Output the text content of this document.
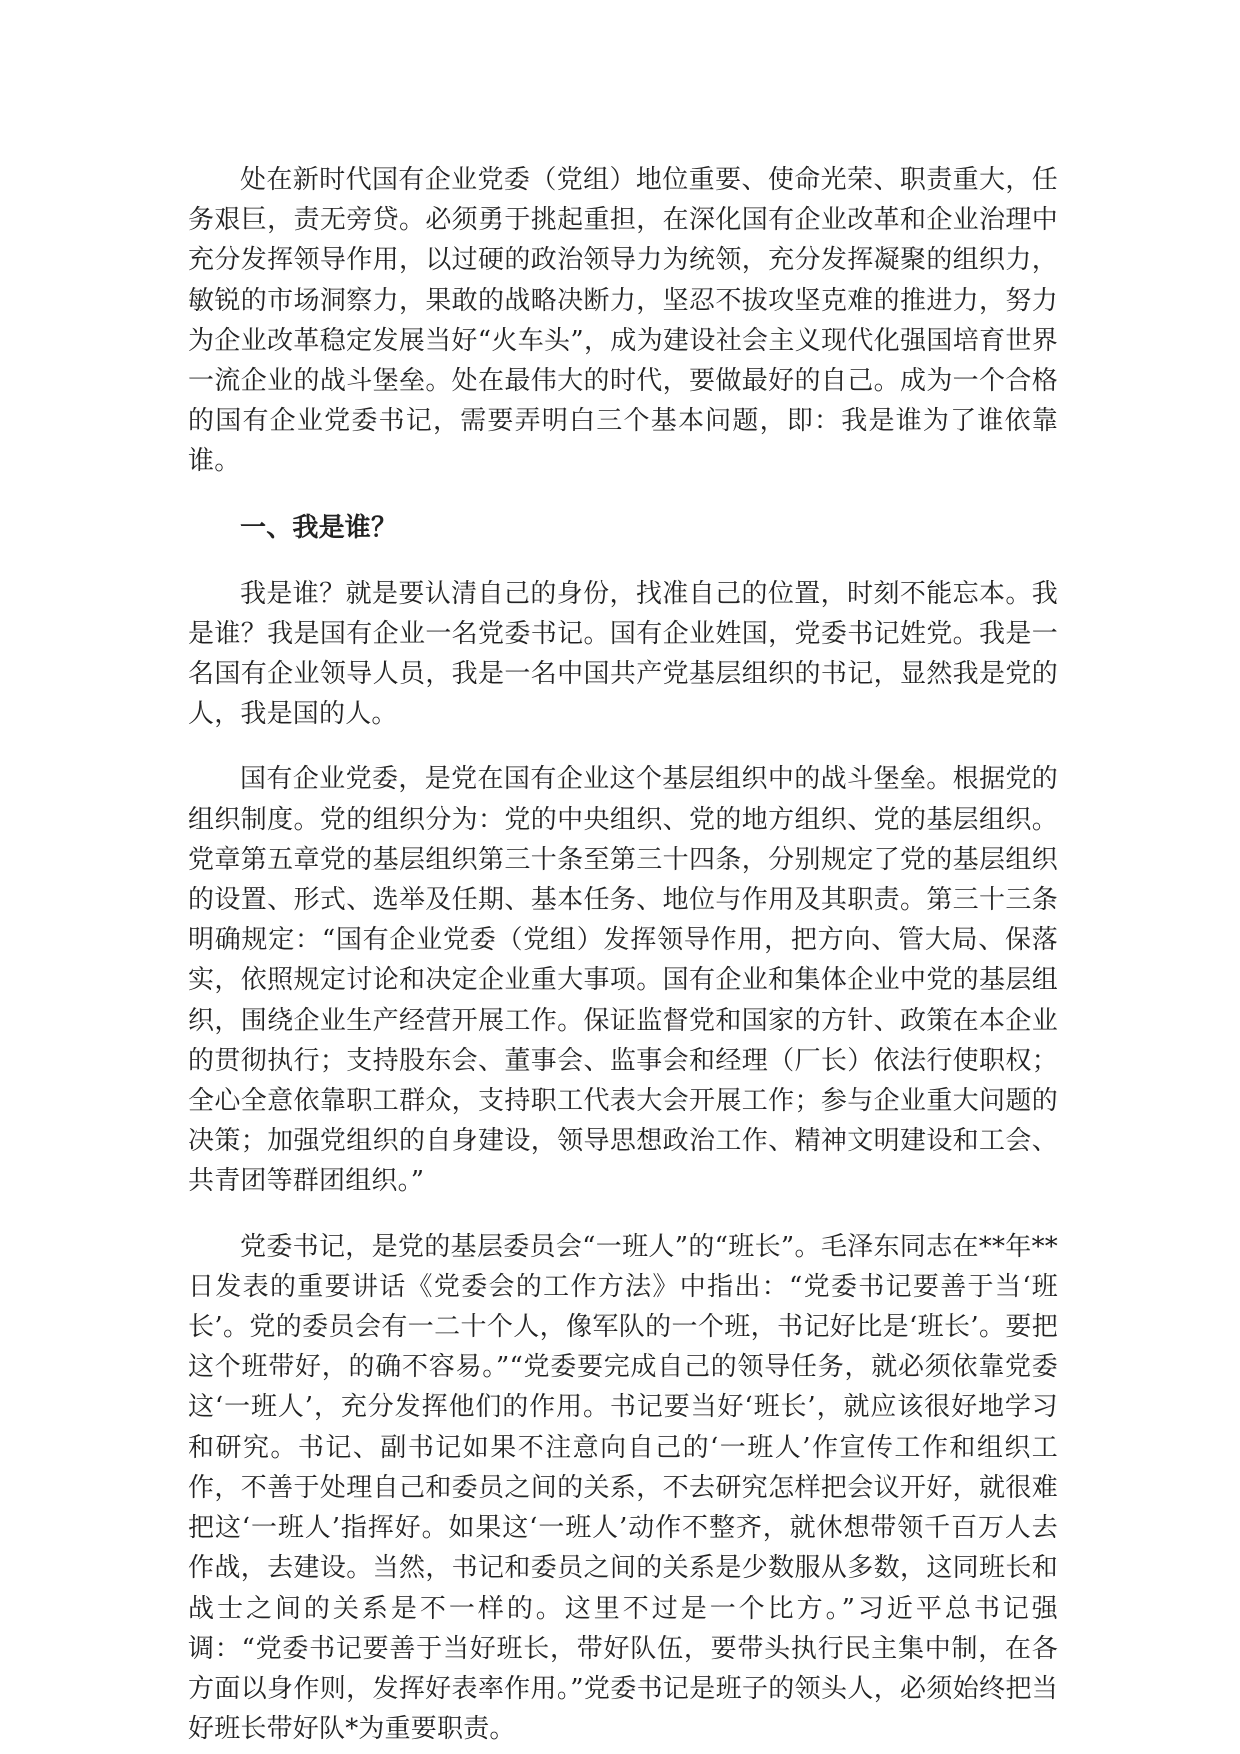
处在新时代国有企业党委（党组）地位重要、使命光荣、职责重大，任务艰巨，责无旁贷。必须勇于挑起重担，在深化国有企业改革和企业治理中充分发挥领导作用，以过硬的政治领导力为统领，充分发挥凝聚的组织力，敏锐的市场洞察力，果敢的战略决断力，坚忍不拔攻坚克难的推进力，努力为企业改革稳定发展当好“火车头”，成为建设社会主义现代化强国培育世界一流企业的战斗堡垒。处在最伟大的时代，要做最好的自己。成为一个合格的国有企业党委书记，需要弄明白三个基本问题，即：我是谁为了谁依靠谁。

一、我是谁？

我是谁？就是要认清自己的身份，找准自己的位置，时刻不能忘本。我是谁？我是国有企业一名党委书记。国有企业姓国，党委书记姓党。我是一名国有企业领导人员，我是一名中国共产党基层组织的书记，显然我是党的人，我是国的人。

国有企业党委，是党在国有企业这个基层组织中的战斗堡垒。根据党的组织制度。党的组织分为：党的中央组织、党的地方组织、党的基层组织。党章第五章党的基层组织第三十条至第三十四条，分别规定了党的基层组织的设置、形式、选举及任期、基本任务、地位与作用及其职责。第三十三条明确规定：“国有企业党委（党组）发挥领导作用，把方向、管大局、保落实，依照规定讨论和决定企业重大事项。国有企业和集体企业中党的基层组织，围绕企业生产经营开展工作。保证监督党和国家的方针、政策在本企业的贯彻执行；支持股东会、董事会、监事会和经理（厂长）依法行使职权；全心全意依靠职工群众，支持职工代表大会开展工作；参与企业重大问题的决策；加强党组织的自身建设，领导思想政治工作、精神文明建设和工会、共青团等群团组织。”

党委书记，是党的基层委员会“一班人”的“班长”。毛泽东同志在**年**日发表的重要讲话《党委会的工作方法》中指出：“党委书记要善于当‘班长’。党的委员会有一二十个人，像军队的一个班，书记好比是‘班长’。要把这个班带好，的确不容易。”“党委要完成自己的领导任务，就必须依靠党委这‘一班人’，充分发挥他们的作用。书记要当好‘班长’，就应该很好地学习和研究。书记、副书记如果不注意向自己的‘一班人’作宣传工作和组织工作，不善于处理自己和委员之间的关系，不去研究怎样把会议开好，就很难把这‘一班人’指挥好。如果这‘一班人’动作不整齐，就休想带领千百万人去作战，去建设。当然，书记和委员之间的关系是少数服从多数，这同班长和战士之间的关系是不一样的。这里不过是一个比方。”习近平总书记强调：“党委书记要善于当好班长，带好队伍，要带头执行民主集中制，在各方面以身作则，发挥好表率作用。”党委书记是班子的领头人，必须始终把当好班长带好队*为重要职责。
